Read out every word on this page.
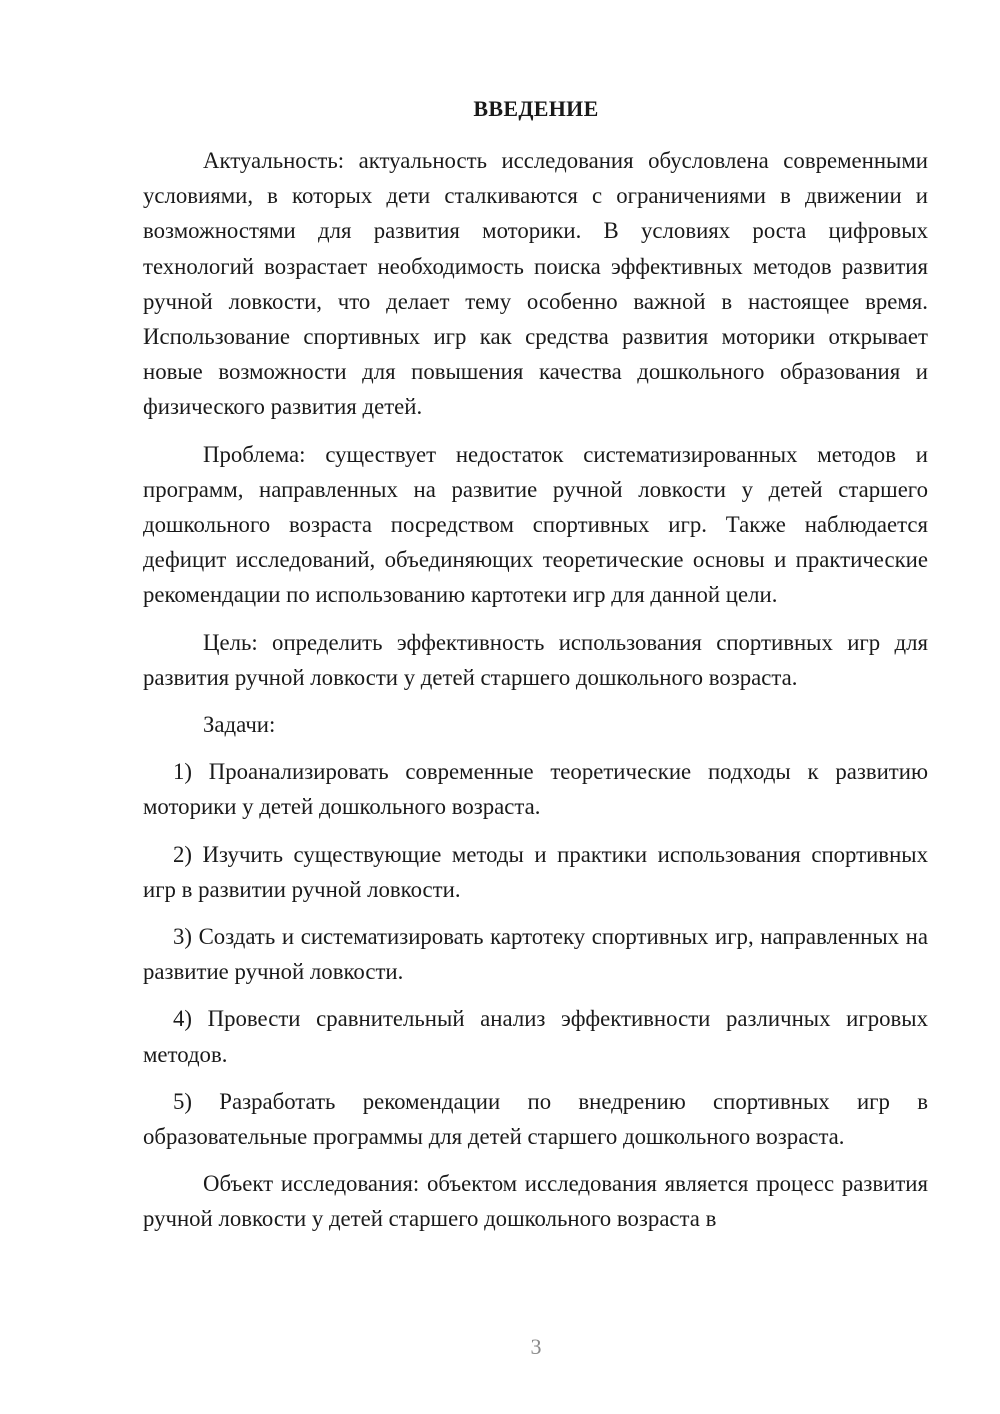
ВВЕДЕНИЕ

Актуальность: актуальность исследования обусловлена современными условиями, в которых дети сталкиваются с ограничениями в движении и возможностями для развития моторики. В условиях роста цифровых технологий возрастает необходимость поиска эффективных методов развития ручной ловкости, что делает тему особенно важной в настоящее время. Использование спортивных игр как средства развития моторики открывает новые возможности для повышения качества дошкольного образования и физического развития детей.

Проблема: существует недостаток систематизированных методов и программ, направленных на развитие ручной ловкости у детей старшего дошкольного возраста посредством спортивных игр. Также наблюдается дефицит исследований, объединяющих теоретические основы и практические рекомендации по использованию картотеки игр для данной цели.

Цель: определить эффективность использования спортивных игр для развития ручной ловкости у детей старшего дошкольного возраста.

Задачи:

1) Проанализировать современные теоретические подходы к развитию моторики у детей дошкольного возраста.

2) Изучить существующие методы и практики использования спортивных игр в развитии ручной ловкости.

3) Создать и систематизировать картотеку спортивных игр, направленных на развитие ручной ловкости.

4) Провести сравнительный анализ эффективности различных игровых методов.

5) Разработать рекомендации по внедрению спортивных игр в образовательные программы для детей старшего дошкольного возраста.

Объект исследования: объектом исследования является процесс развития ручной ловкости у детей старшего дошкольного возраста в

3
